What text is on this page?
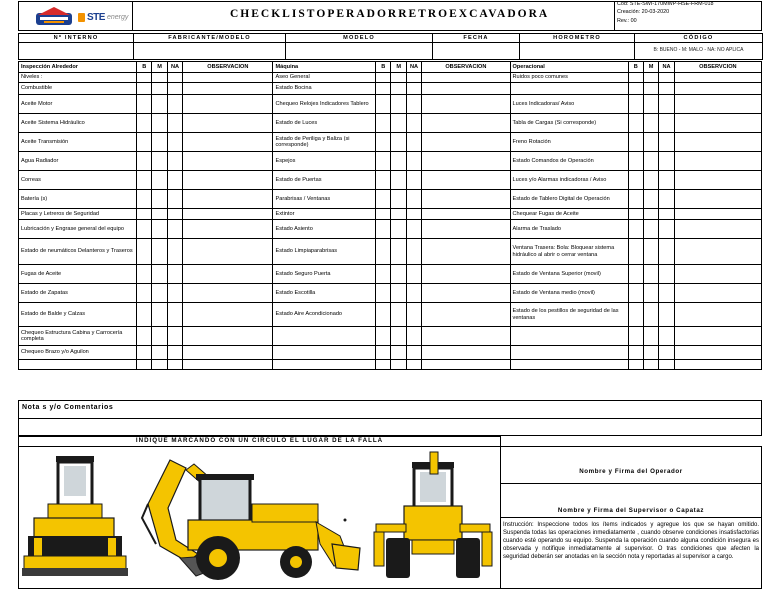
STE energy	CHECKLIST OPERADOR RETROEXCAVADORA
Cod: STE-SWI-170MWP-HSE-FRM-018
Creación: 20-03-2020
Rev.: 00
Nº INTERNO	FABRICANTE/MODELO	MODELO	FECHA	HOROMETRO	CÓDIGO
					B: BUENO - M: MALO - NA: NO APLICA
Inspección Alrededor	B	M	NA	OBSERVACION	Máquina	B	M	NA	OBSERVACION	Operacional	B	M	NA	OBSERVCION
Niveles :					Aseo General					Ruidos poco comunes				
Combustible					Estado Bocina									
Aceite Motor					Chequeo Relojes Indicadores Tablero					Luces Indicadoras/ Aviso				
Aceite Sistema Hidráulico					Estado de Luces					Tabla de Cargas (Si corresponde)				
Aceite Transmisión					Estado de Periliga y Baliza (si corresponde)					Freno Rotación				
Agua Radiador					Espejos					Estado Comandos de Operación				
Correas					Estado de Puertas					Luces y/o Alarmas indicadoras / Aviso				
Batería (s)					Parabrisas / Ventanas					Estado de Tablero Digital de Operación				
Placas y Letreros de Seguridad					Extintor					Chequear Fugas de Aceite				
Lubricación y Engrase general del equipo					Estado Asiento					Alarma de Traslado				
Estado de neumáticos Delanteros y Traseros					Estado Limpiaparabrisas					Ventana Trasera: Bola: Bloquear sistema hidráulico al abrir o cerrar ventana				
Fugas de Aceite					Estado Seguro Puerta					Estado de Ventana Superior (movil)				
Estado de Zapatas					Estado Escotilla					Estado de Ventana medio (movil)				
Estado de Balde y Calzas					Estado Aire Acondicionado					Estado de los pestillos de seguridad de las ventanas				
Chequeo Estructura Cabina y Carrocería completa														
Chequeo Brazo y/o Aguilon														

Nota s y/o Comentarios
INDIQUE MARCANDO CON UN CIRCULO EL LUGAR DE LA FALLA
Nombre y Firma del Operador
Nombre y Firma del Supervisor o Capataz
Instrucción: Inspeccione todos los ítems indicados y agregue los que se hayan omitido. Suspenda todas las operaciones inmediatamente , cuando observe condiciones insatisfactorias cuando esté operando su equipo. Suspenda la operación cuando alguna condición insegura es observada y notifique inmediatamente al supervisor. O tras condiciones que afecten la seguridad deberán ser anotadas en la sección nota y reportadas al supervisor a cargo.
